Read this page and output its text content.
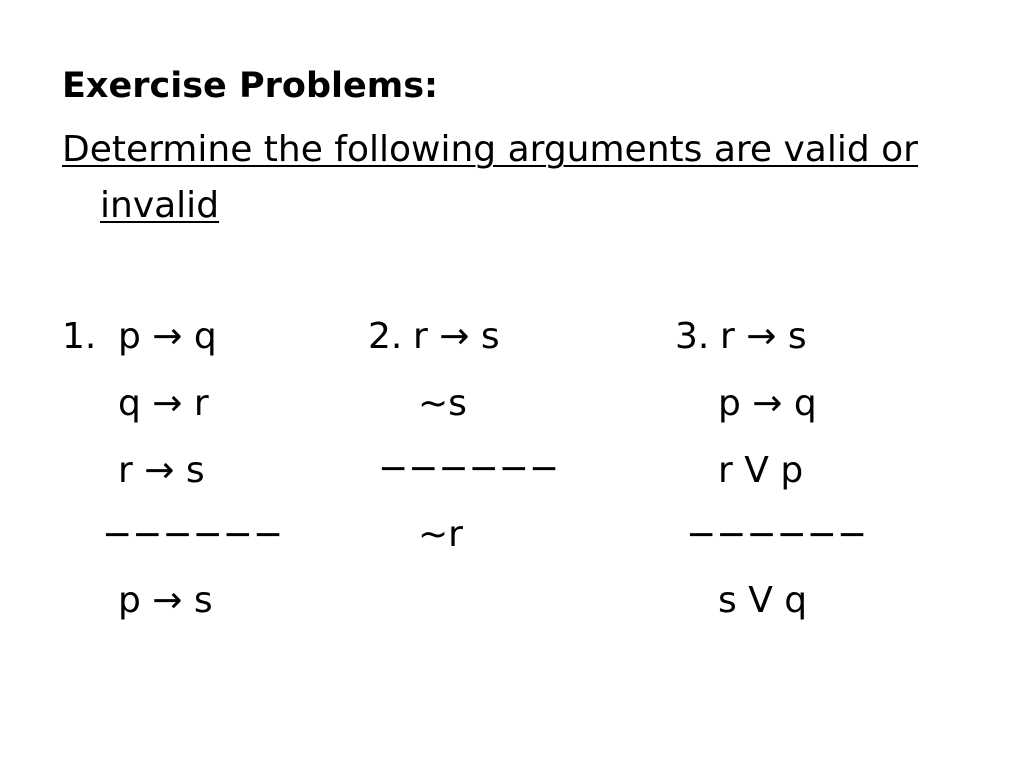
Exercise Problems:
Determine the following arguments are valid or
invalid
1. p → q
q → r
r → s
−−−−−−
p → s
2. r → s
~s
−−−−−−
~r
3. r → s
p → q
r V p
−−−−−−
s V q
